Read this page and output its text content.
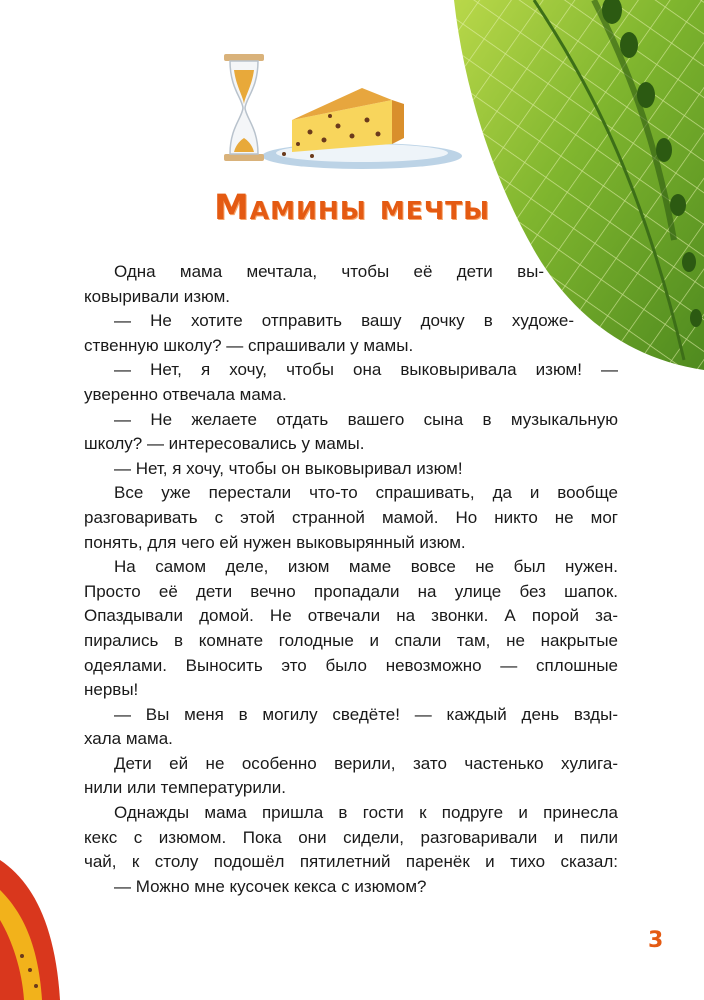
Мамины мечты
Одна мама мечтала, чтобы её дети вы-
ковыривали изюм.
— Не хотите отправить вашу дочку в художе-
ственную школу? — спрашивали у мамы.
— Нет, я хочу, чтобы она выковыривала изюм! —
уверенно отвечала мама.
— Не желаете отдать вашего сына в музыкальную
школу? — интересовались у мамы.
— Нет, я хочу, чтобы он выковыривал изюм!
Все уже перестали что-то спрашивать, да и вообще
разговаривать с этой странной мамой. Но никто не мог
понять, для чего ей нужен выковырянный изюм.
На самом деле, изюм маме вовсе не был нужен.
Просто её дети вечно пропадали на улице без шапок.
Опаздывали домой. Не отвечали на звонки. А порой за-
пирались в комнате голодные и спали там, не накрытые
одеялами. Выносить это было невозможно — сплошные
нервы!
— Вы меня в могилу сведёте! — каждый день взды-
хала мама.
Дети ей не особенно верили, зато частенько хулига-
нили или температурили.
Однажды мама пришла в гости к подруге и принесла
кекс с изюмом. Пока они сидели, разговаривали и пили
чай, к столу подошёл пятилетний паренёк и тихо сказал:
— Можно мне кусочек кекса с изюмом?
3
